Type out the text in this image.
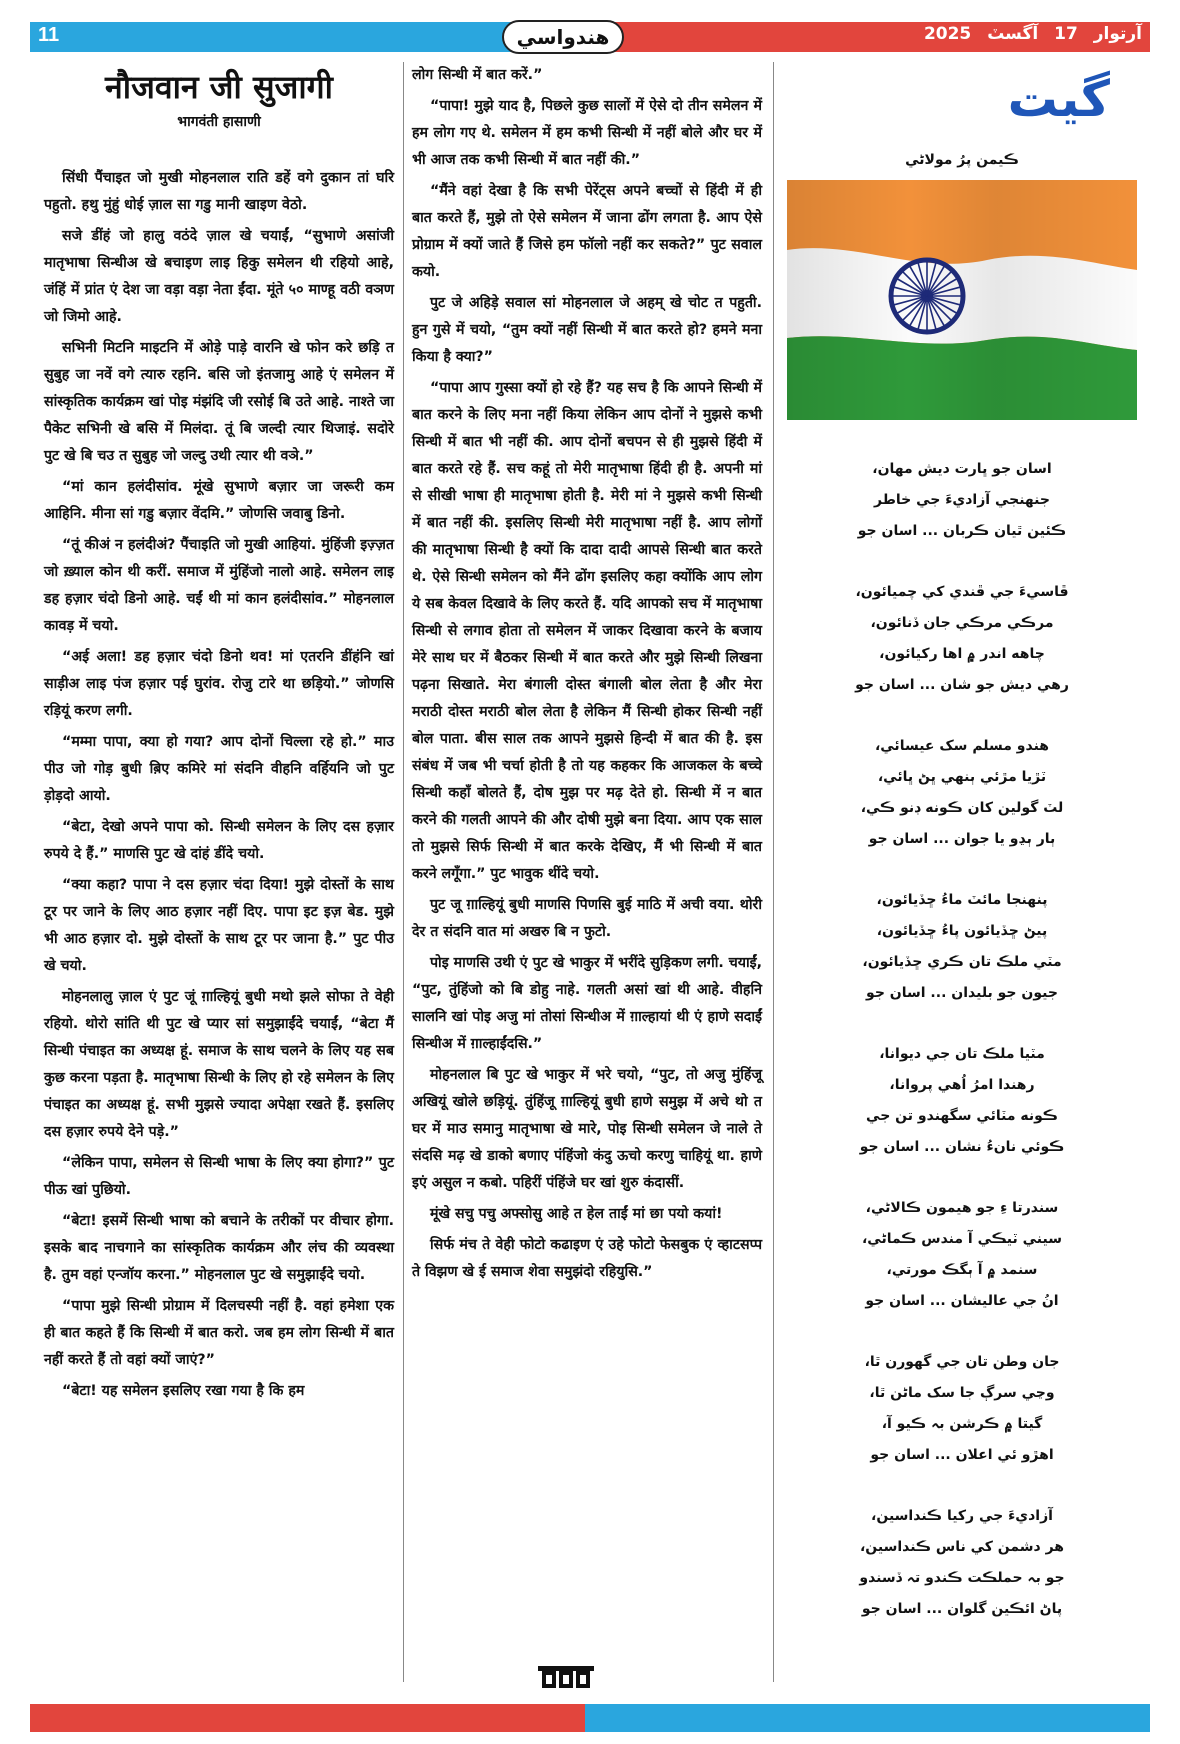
11	هندواسي	آرتوار 17 آگسٽ 2025
नौजवान जी सुजागी
भागवंती हासाणी

सिंधी पैंचाइत जो मुखी मोहनलाल राति डहें वगे दुकान तां घरि पहुतो. हथु मुंहुं धोई ज़ाल सा गडु मानी खाइण वेठो.

सजे डींहं जो हालु वठंदे ज़ाल खे चयाईं, “सुभाणे असांजी मातृभाषा सिन्धीअ खे बचाइण लाइ हिकु समेलन थी रहियो आहे, जंहिं में प्रांत एं देश जा वड़ा वड़ा नेता ईंदा. मूंते ५० माण्हू वठी वञण जो जिमो आहे.

सभिनी मिटनि माइटनि में ओड़े पाड़े वारनि खे फोन करे छड़ि त सुबुह जा नवें वगे त्यारु रहनि. बसि जो इंतजामु आहे एं समेलन में सांस्कृतिक कार्यक्रम खां पोइ मंझंदि जी रसोई बि उते आहे. नाश्ते जा पैकेट सभिनी खे बसि में मिलंदा. तूं बि जल्दी त्यार थिजाइं. सदोरे पुट खे बि चउ त सुबुह जो जल्दु उथी त्यार थी वञे.”

“मां कान हलंदीसांव. मूंखे सुभाणे बज़ार जा जरूरी कम आहिनि. मीना सां गडु बज़ार वेंदमि.” जोणसि जवाबु डिनो.

“तूं कीअं न हलंदीअं? पैंचाइति जो मुखी आहियां. मुंहिंजी इज़्ज़त जो ख़्याल कोन थी करीं. समाज में मुंहिंजो नालो आहे. समेलन लाइ डह हज़ार चंदो डिनो आहे. चईं थी मां कान हलंदीसांव.” मोहनलाल कावड़ में चयो.

“अई अला! डह हज़ार चंदो डिनो थव! मां एतरनि डींहंनि खां साड़ीअ लाइ पंज हज़ार पई घुरांव. रोजु टारे था छड़ियो.” जोणसि रड़ियूं करण लगी.

“मम्मा पापा, क्या हो गया? आप दोनों चिल्ला रहे हो.” माउ पीउ जो गोड़ बुधी ब़िए कमिरे मां संदनि वीहनि वर्हियनि जो पुट ड़ोड़दो आयो.

“बेटा, देखो अपने पापा को. सिन्धी समेलन के लिए दस हज़ार रुपये दे हैं.” माणसि पुट खे दांहं डींदे चयो.

“क्या कहा? पापा ने दस हज़ार चंदा दिया! मुझे दोस्तों के साथ टूर पर जाने के लिए आठ हज़ार नहीं दिए. पापा इट इज़ बेड. मुझे भी आठ हज़ार दो. मुझे दोस्तों के साथ टूर पर जाना है.” पुट पीउ खे चयो.

मोहनलालु ज़ाल एं पुट जूं ग़ाल्हियूं बुधी मथो झले सोफा ते वेही रहियो. थोरो सांति थी पुट खे प्यार सां समुझाईंदे चयाईं, “बेटा मैं सिन्धी पंचाइत का अध्यक्ष हूं. समाज के साथ चलने के लिए यह सब कुछ करना पड़ता है. मातृभाषा सिन्धी के लिए हो रहे समेलन के लिए पंचाइत का अध्यक्ष हूं. सभी मुझसे ज्यादा अपेक्षा रखते हैं. इसलिए दस हज़ार रुपये देने पड़े.”

“लेकिन पापा, समेलन से सिन्धी भाषा के लिए क्या होगा?” पुट पीऊ खां पुछियो.

“बेटा! इसमें सिन्धी भाषा को बचाने के तरीकों पर वीचार होगा. इसके बाद नाचगाने का सांस्कृतिक कार्यक्रम और लंच की व्यवस्था है. तुम वहां एन्जॉय करना.” मोहनलाल पुट खे समुझाईंदे चयो.

“पापा मुझे सिन्धी प्रोग्राम में दिलचस्पी नहीं है. वहां हमेशा एक ही बात कहते हैं कि सिन्धी में बात करो. जब हम लोग सिन्धी में बात नहीं करते हैं तो वहां क्यों जाएं?”

“बेटा! यह समेलन इसलिए रखा गया है कि हम

लोग सिन्धी में बात करें.”

“पापा! मुझे याद है, पिछले कुछ सालों में ऐसे दो तीन समेलन में हम लोग गए थे. समेलन में हम कभी सिन्धी में नहीं बोले और घर में भी आज तक कभी सिन्धी में बात नहीं की.”

“मैंने वहां देखा है कि सभी पेरेंट्स अपने बच्चों से हिंदी में ही बात करते हैं, मुझे तो ऐसे समेलन में जाना ढोंग लगता है. आप ऐसे प्रोग्राम में क्यों जाते हैं जिसे हम फॉलो नहीं कर सकते?” पुट सवाल कयो.

पुट जे अहिड़े सवाल सां मोहनलाल जे अहम् खे चोट त पहुती. हुन गुसे में चयो, “तुम क्यों नहीं सिन्धी में बात करते हो? हमने मना किया है क्या?”

“पापा आप गुस्सा क्यों हो रहे हैं? यह सच है कि आपने सिन्धी में बात करने के लिए मना नहीं किया लेकिन आप दोनों ने मुझसे कभी सिन्धी में बात भी नहीं की. आप दोनों बचपन से ही मुझसे हिंदी में बात करते रहे हैं. सच कहूं तो मेरी मातृभाषा हिंदी ही है. अपनी मां से सीखी भाषा ही मातृभाषा होती है. मेरी मां ने मुझसे कभी सिन्धी में बात नहीं की. इसलिए सिन्धी मेरी मातृभाषा नहीं है. आप लोगों की मातृभाषा सिन्धी है क्यों कि दादा दादी आपसे सिन्धी बात करते थे. ऐसे सिन्धी समेलन को मैंने ढोंग इसलिए कहा क्योंकि आप लोग ये सब केवल दिखावे के लिए करते हैं. यदि आपको सच में मातृभाषा सिन्धी से लगाव होता तो समेलन में जाकर दिखावा करने के बजाय मेरे साथ घर में बैठकर सिन्धी में बात करते और मुझे सिन्धी लिखना पढ़ना सिखाते. मेरा बंगाली दोस्त बंगाली बोल लेता है और मेरा मराठी दोस्त मराठी बोल लेता है लेकिन मैं सिन्धी होकर सिन्धी नहीं बोल पाता. बीस साल तक आपने मुझसे हिन्दी में बात की है. इस संबंध में जब भी चर्चा होती है तो यह कहकर कि आजकल के बच्चे सिन्धी कहाँ बोलते हैं, दोष मुझ पर मढ़ देते हो. सिन्धी में न बात करने की गलती आपने की और दोषी मुझे बना दिया. आप एक साल तो मुझसे सिर्फ सिन्धी में बात करके देखिए, मैं भी सिन्धी में बात करने लगूँगा.” पुट भावुक थींदे चयो.

पुट जू ग़ाल्हियूं बुधी माणसि पिणसि बुई माठि में अची वया. थोरी देर त संदनि वात मां अखरु बि न फुटो.

पोइ माणसि उथी एं पुट खे भाकुर में भरींदे सुड़िकण लगी. चयाईं, “पुट, तुंहिंजो को बि डोहु नाहे. गलती असां खां थी आहे. वीहनि सालनि खां पोइ अजु मां तोसां सिन्धीअ में ग़ाल्हायां थी एं हाणे सदाईं सिन्धीअ में ग़ाल्हाईंदसि.”

मोहनलाल बि पुट खे भाकुर में भरे चयो, “पुट, तो अजु मुंहिंजू अखियूं खोले छड़ियूं. तुंहिंजू ग़ाल्हियूं बुधी हाणे समुझ में अचे थो त घर में माउ समानु मातृभाषा खे मारे, पोइ सिन्धी समेलन जे नाले ते संदसि मढ़ खे डाको बणाए पंहिंजो कंदु ऊचो करणु चाहियूं था. हाणे इएं असुल न कबो. पहिरीं पंहिंजे घर खां शुरु कंदासीं.

मूंखे सचु पचु अफ्सोसु आहे त हेल ताईं मां छा पयो कयां!

सिर्फ मंच ते वेही फोटो कढाइण एं उहे फोटो फेसबुक एं व्हाटसप्प ते विझण खे ई समाज शेवा समुझंदो रहियुसि.”

گيت
ڪيمن پرُ مولاڻي
اسان جو ڀارت ديش مهان،
جنهنجي آزاديءَ جي خاطر
ڪئين ٿيان ڪربان ... اسان جو
ڦاسيءَ جي ڦندي کي چميائون،
مرڪي مرڪي جان ڏنائون،
چاهه اندر ۾ اها رکيائون،
رهي ديش جو شان ... اسان جو
هندو مسلم سک عيسائي،
ٽڙيا مڙئي ٻنهي ڀڻ ڀائي،
لٽ گولين کان ڪونه ڊنو ڪي،
ٻار ٻڍو يا جوان ... اسان جو
پنهنجا مائٽ ماءُ ڇڏيائون،
پيڻ ڇڏيائون پاءُ ڇڏيائون،
مٽي ملڪ تان ڪري ڇڏيائون،
جيون جو بليدان ... اسان جو
مٽيا ملڪ تان جي ديوانا،
رهندا امرُ اُهي پروانا،
ڪونه مٽائي سگهندو تن جي
ڪوئي نانءُ نشان ... اسان جو
سندرتا ءِ جو هيمون ڪالاڻي،
سيني ٽيڪي آ مندس ڪماڻي،
سنمد ۾ آ ٻگڪ مورتي،
انُ جي عاليشان ... اسان جو
جان وطن تان جي گهورن ٿا،
وڃي سرڳ جا سک ماڻن ٿا،
گيتا ۾ ڪرشن بہ ڪيو آ،
اهڙو ئي اعلان ... اسان جو
آزاديءَ جي رکيا ڪنداسين،
هر دشمن کي ناس ڪنداسين،
جو بہ حملڪت ڪندو تہ ڏسندو
پاڻ ائڪين گلوان ... اسان جو
